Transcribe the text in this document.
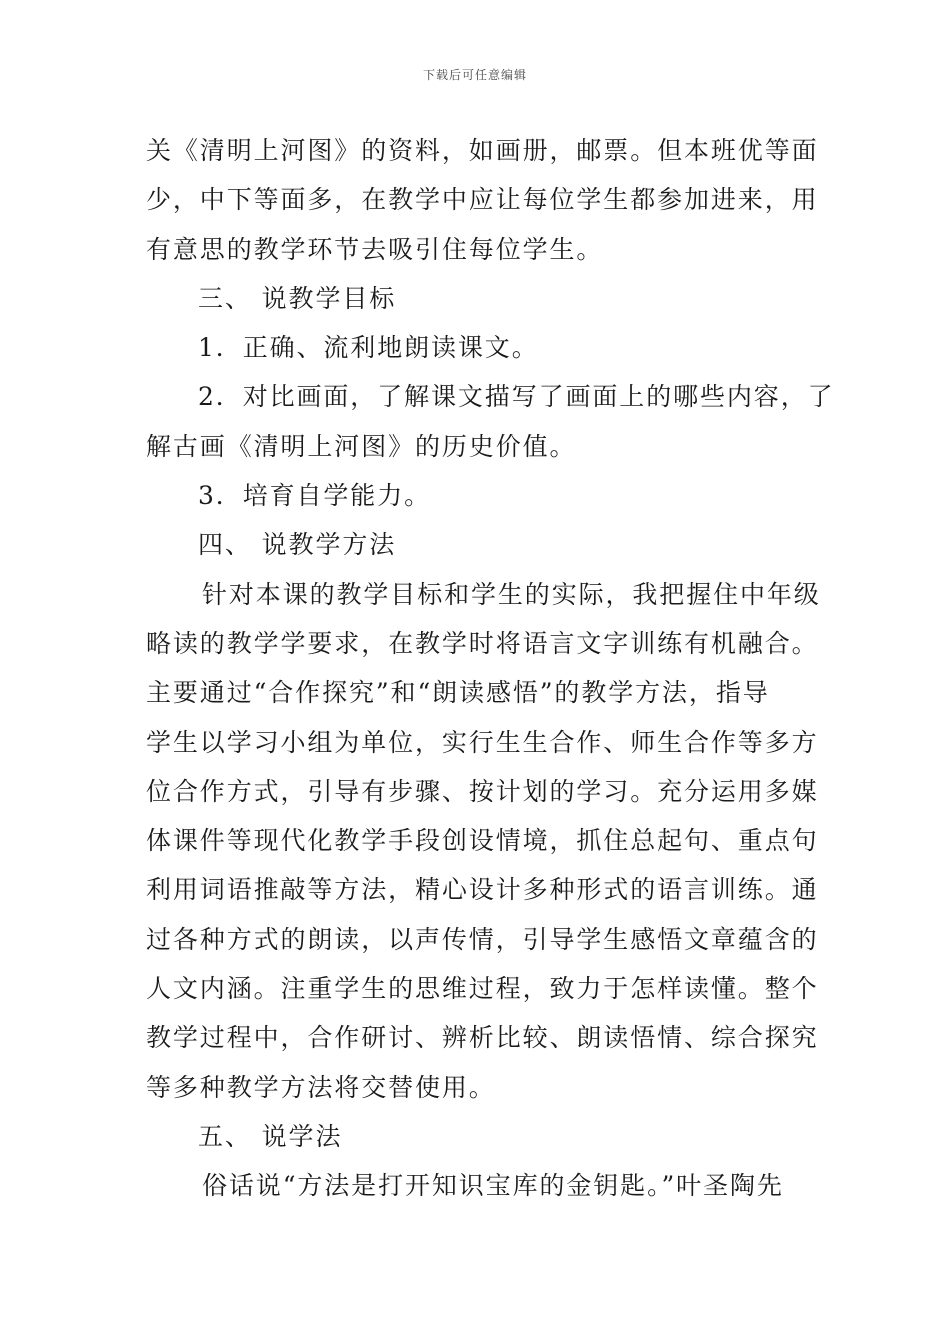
下载后可任意编辑
关《清明上河图》的资料，如画册，邮票。但本班优等面
少，中下等面多，在教学中应让每位学生都参加进来，用
有意思的教学环节去吸引住每位学生。
三、 说教学目标
1．正确、流利地朗读课文。
2．对比画面，了解课文描写了画面上的哪些内容，了
解古画《清明上河图》的历史价值。
3．培育自学能力。
四、 说教学方法
针对本课的教学目标和学生的实际，我把握住中年级
略读的教学学要求，在教学时将语言文字训练有机融合。
主要通过“合作探究”和“朗读感悟”的教学方法，指导
学生以学习小组为单位，实行生生合作、师生合作等多方
位合作方式，引导有步骤、按计划的学习。充分运用多媒
体课件等现代化教学手段创设情境，抓住总起句、重点句
利用词语推敲等方法，精心设计多种形式的语言训练。通
过各种方式的朗读，以声传情，引导学生感悟文章蕴含的
人文内涵。注重学生的思维过程，致力于怎样读懂。整个
教学过程中，合作研讨、辨析比较、朗读悟情、综合探究
等多种教学方法将交替使用。
五、 说学法
俗话说“方法是打开知识宝库的金钥匙。”叶圣陶先
